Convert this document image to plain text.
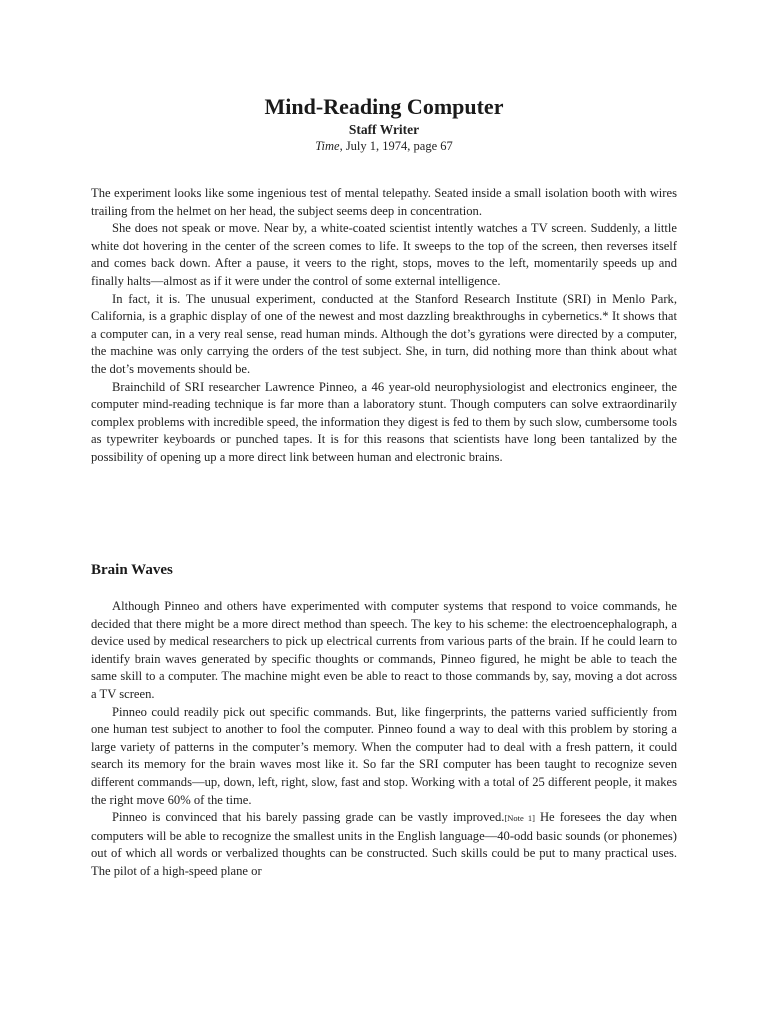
Mind-Reading Computer
Staff Writer
Time, July 1, 1974, page 67

The experiment looks like some ingenious test of mental telepathy. Seated inside a small isolation booth with wires trailing from the helmet on her head, the subject seems deep in concentration.

She does not speak or move. Near by, a white-coated scientist intently watches a TV screen. Suddenly, a little white dot hovering in the center of the screen comes to life. It sweeps to the top of the screen, then reverses itself and comes back down. After a pause, it veers to the right, stops, moves to the left, momentarily speeds up and finally halts—almost as if it were under the control of some external intelligence.

In fact, it is. The unusual experiment, conducted at the Stanford Research Institute (SRI) in Menlo Park, California, is a graphic display of one of the newest and most dazzling breakthroughs in cybernetics.* It shows that a computer can, in a very real sense, read human minds. Although the dot’s gyrations were directed by a computer, the machine was only carrying the orders of the test subject. She, in turn, did nothing more than think about what the dot’s movements should be.

Brainchild of SRI researcher Lawrence Pinneo, a 46 year-old neurophysiologist and electronics engineer, the computer mind-reading technique is far more than a laboratory stunt. Though computers can solve extraordinarily complex problems with incredible speed, the information they digest is fed to them by such slow, cumbersome tools as typewriter keyboards or punched tapes. It is for this reasons that scientists have long been tantalized by the possibility of opening up a more direct link between human and electronic brains.

Brain Waves

Although Pinneo and others have experimented with computer systems that respond to voice commands, he decided that there might be a more direct method than speech. The key to his scheme: the electroencephalograph, a device used by medical researchers to pick up electrical currents from various parts of the brain. If he could learn to identify brain waves generated by specific thoughts or commands, Pinneo figured, he might be able to teach the same skill to a computer. The machine might even be able to react to those commands by, say, moving a dot across a TV screen.

Pinneo could readily pick out specific commands. But, like fingerprints, the patterns varied sufficiently from one human test subject to another to fool the computer. Pinneo found a way to deal with this problem by storing a large variety of patterns in the computer’s memory. When the computer had to deal with a fresh pattern, it could search its memory for the brain waves most like it. So far the SRI computer has been taught to recognize seven different commands—up, down, left, right, slow, fast and stop. Working with a total of 25 different people, it makes the right move 60% of the time.

Pinneo is convinced that his barely passing grade can be vastly improved.[Note 1] He foresees the day when computers will be able to recognize the smallest units in the English language—40-odd basic sounds (or phonemes) out of which all words or verbalized thoughts can be constructed. Such skills could be put to many practical uses. The pilot of a high-speed plane or
